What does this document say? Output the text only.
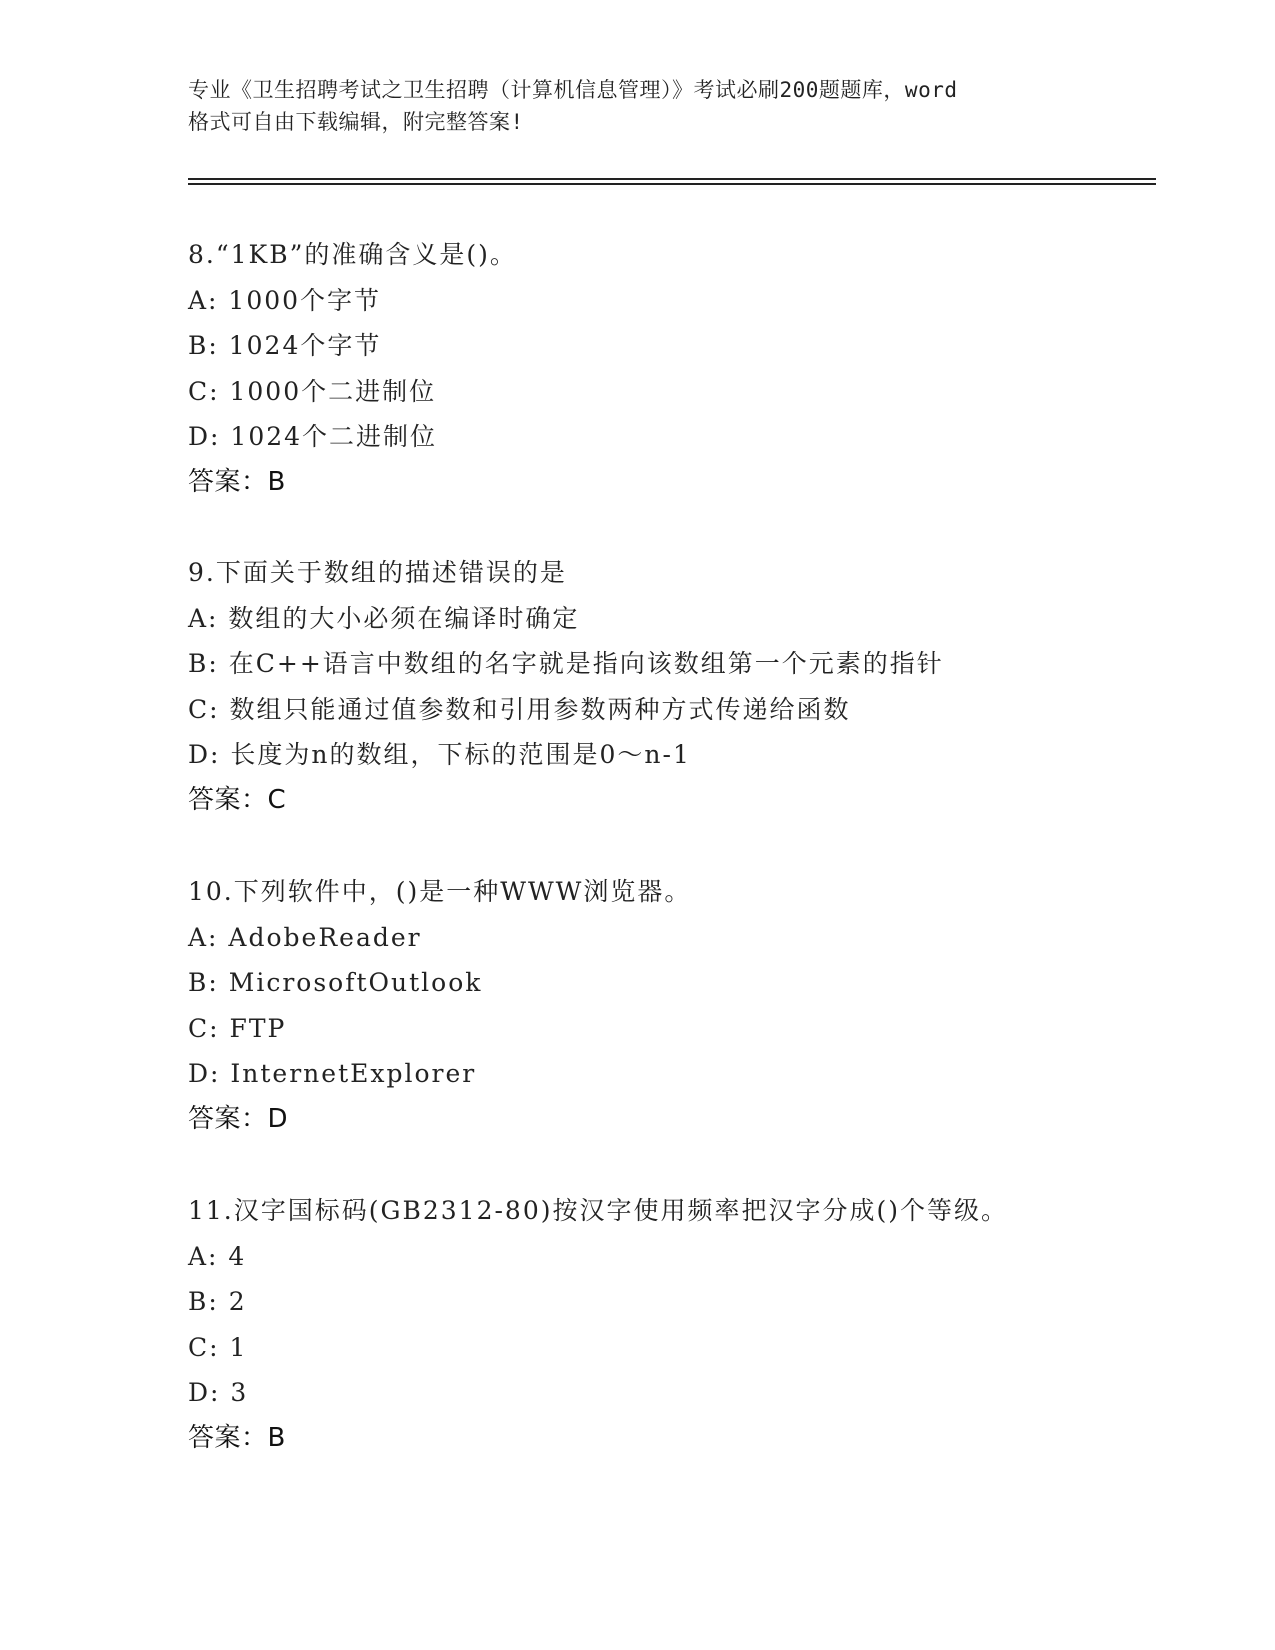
专业《卫生招聘考试之卫生招聘（计算机信息管理）》考试必刷200题题库，word
格式可自由下载编辑，附完整答案!
8.“1KB”的准确含义是()。
A: 1000个字节
B: 1024个字节
C: 1000个二进制位
D: 1024个二进制位
答案：B
9.下面关于数组的描述错误的是
A: 数组的大小必须在编译时确定
B: 在C++语言中数组的名字就是指向该数组第一个元素的指针
C: 数组只能通过值参数和引用参数两种方式传递给函数
D: 长度为n的数组，下标的范围是0～n-1
答案：C
10.下列软件中，()是一种WWW浏览器。
A: AdobeReader
B: MicrosoftOutlook
C: FTP
D: InternetExplorer
答案：D
11.汉字国标码(GB2312-80)按汉字使用频率把汉字分成()个等级。
A: 4
B: 2
C: 1
D: 3
答案：B
